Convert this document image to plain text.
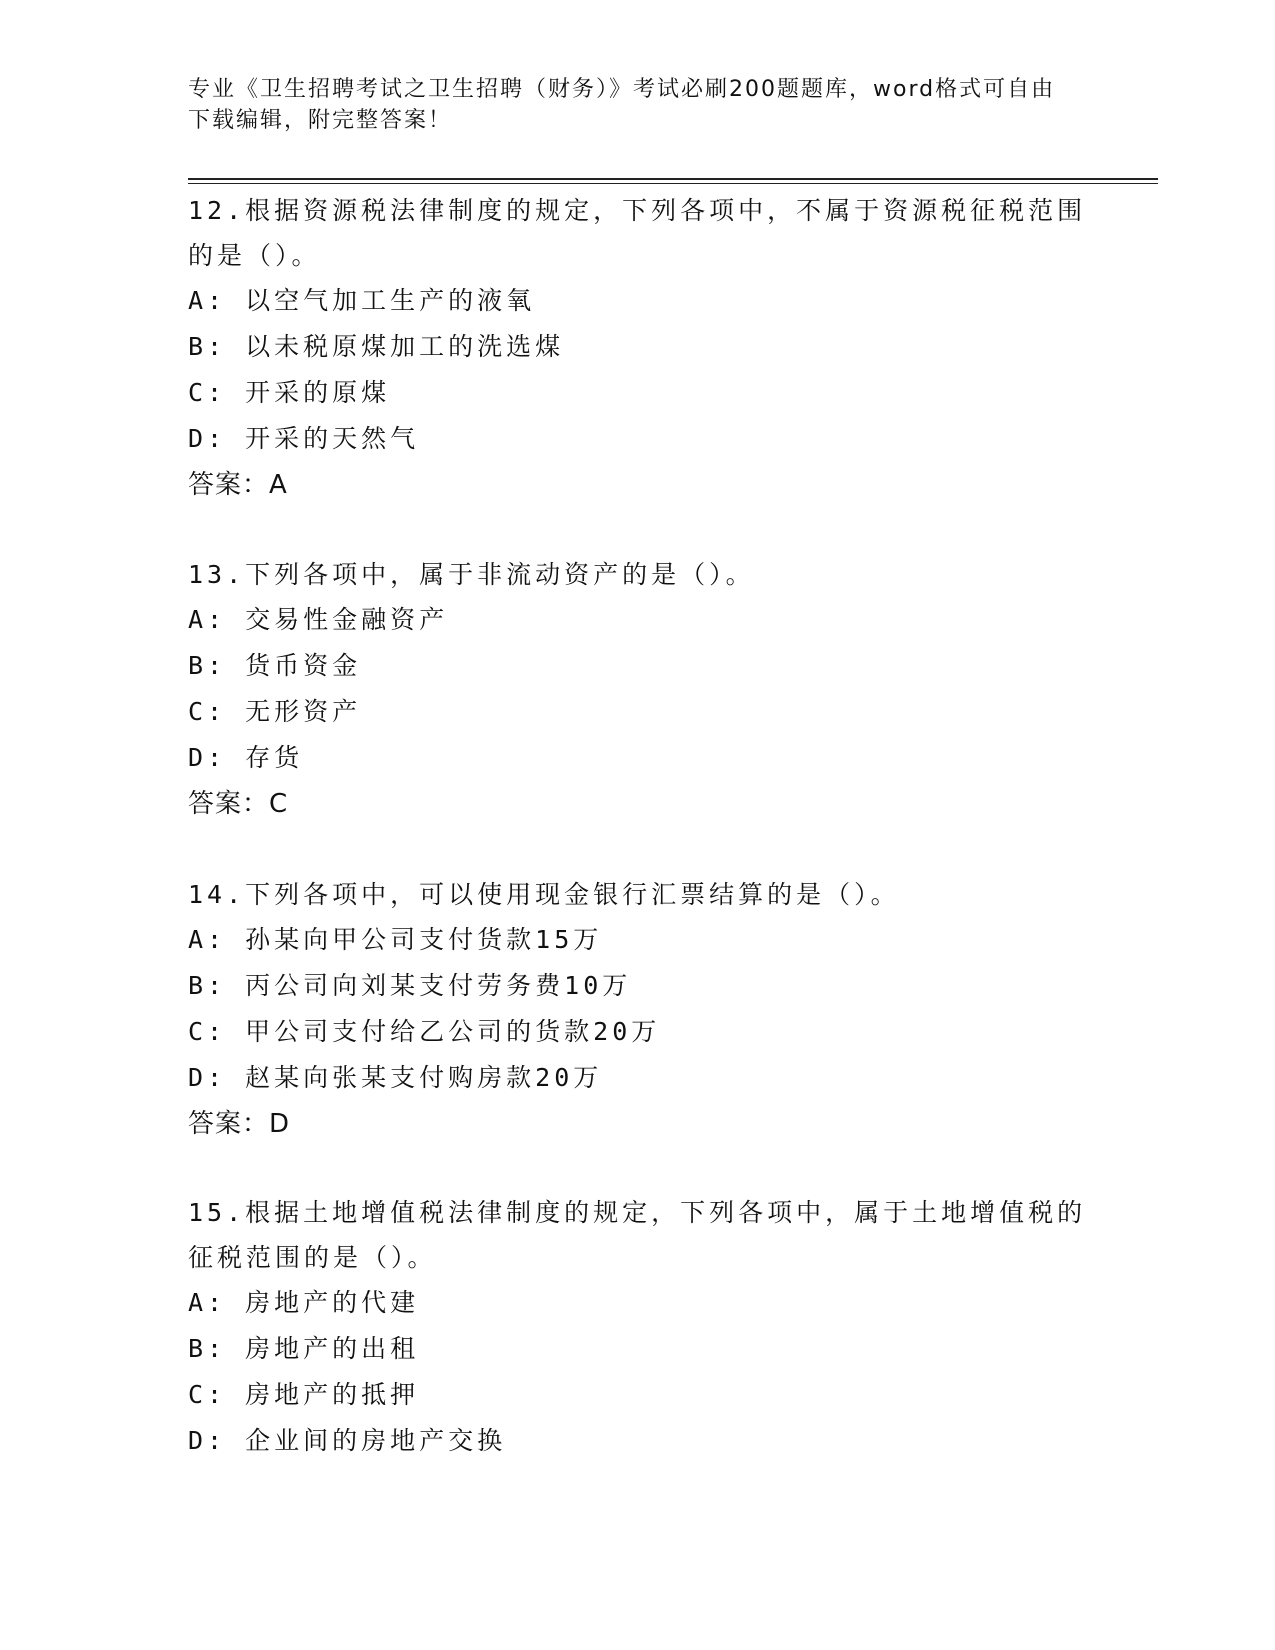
专业《卫生招聘考试之卫生招聘（财务）》考试必刷200题题库，word格式可自由下载编辑，附完整答案！

12.根据资源税法律制度的规定，下列各项中，不属于资源税征税范围的是（）。

A: 以空气加工生产的液氧

B: 以未税原煤加工的洗选煤

C: 开采的原煤

D: 开采的天然气

答案：A

13.下列各项中，属于非流动资产的是（）。

A: 交易性金融资产

B: 货币资金

C: 无形资产

D: 存货

答案：C

14.下列各项中，可以使用现金银行汇票结算的是（）。

A: 孙某向甲公司支付货款15万

B: 丙公司向刘某支付劳务费10万

C: 甲公司支付给乙公司的货款20万

D: 赵某向张某支付购房款20万

答案：D

15.根据土地增值税法律制度的规定，下列各项中，属于土地增值税的征税范围的是（）。

A: 房地产的代建

B: 房地产的出租

C: 房地产的抵押

D: 企业间的房地产交换
